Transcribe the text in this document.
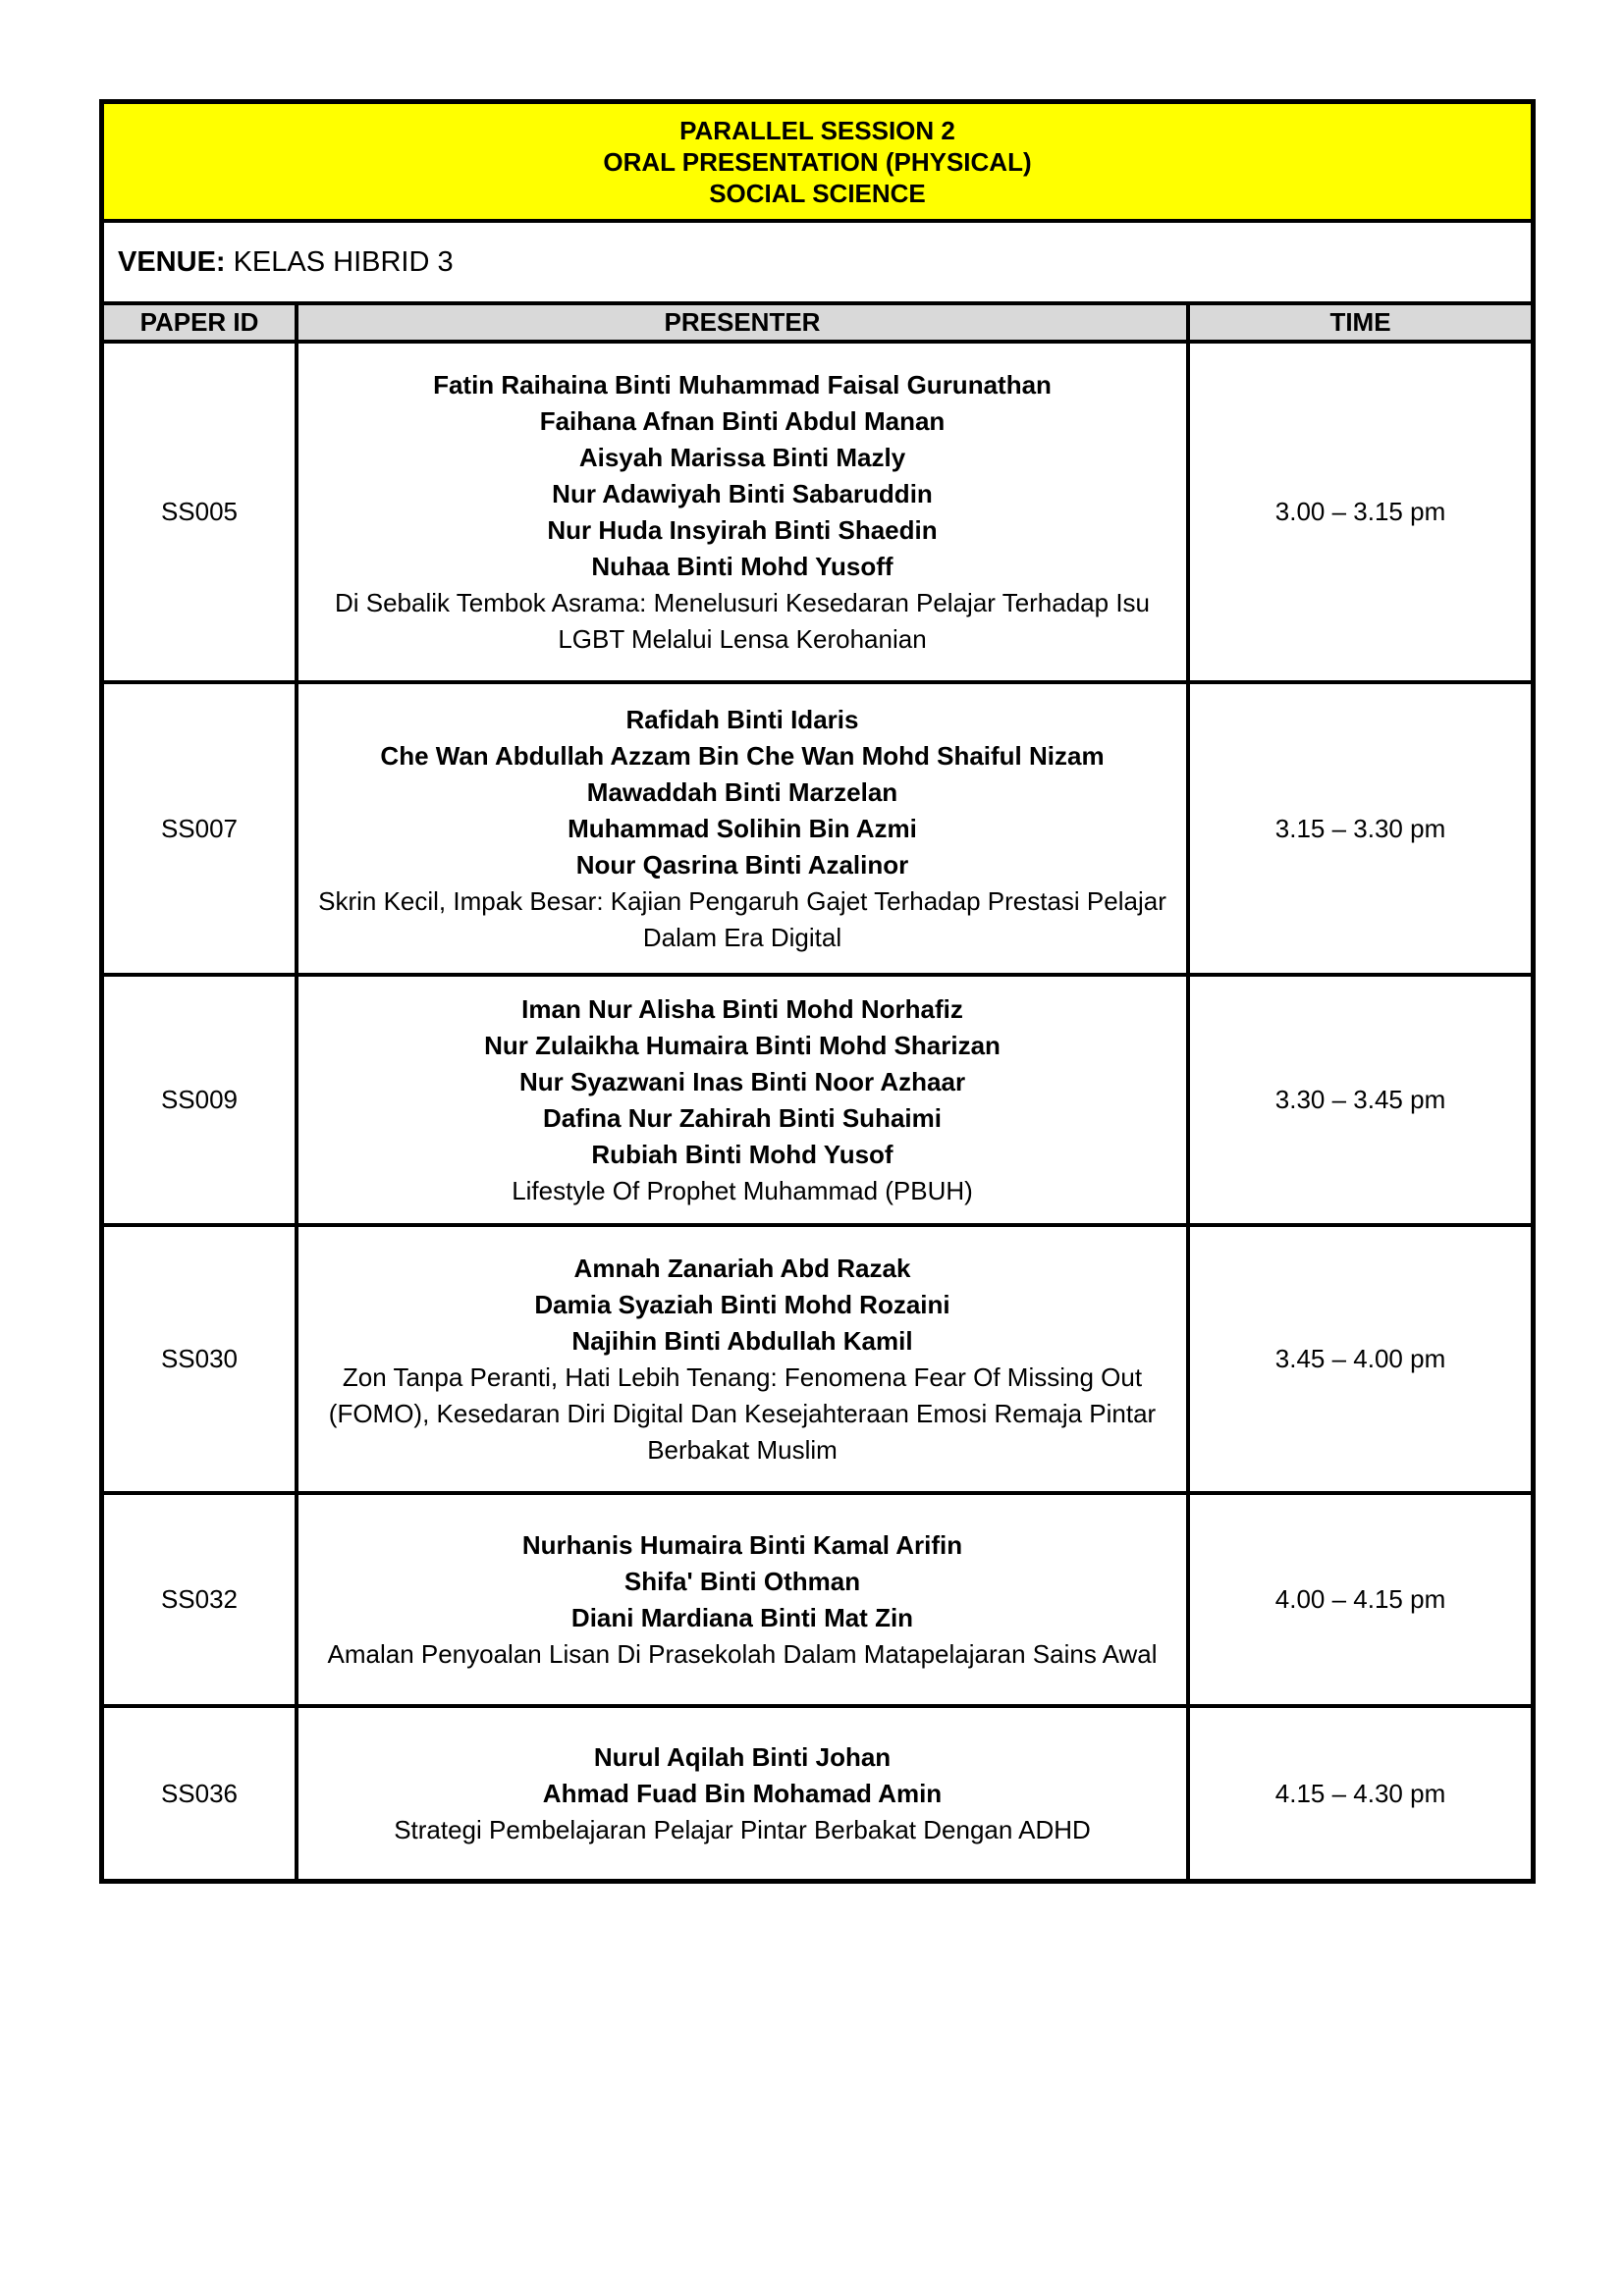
PARALLEL SESSION 2
ORAL PRESENTATION (PHYSICAL)
SOCIAL SCIENCE
VENUE: KELAS HIBRID 3
PAPER ID	PRESENTER	TIME
SS005
Fatin Raihaina Binti Muhammad Faisal Gurunathan
Faihana Afnan Binti Abdul Manan
Aisyah Marissa Binti Mazly
Nur Adawiyah Binti Sabaruddin
Nur Huda Insyirah Binti Shaedin
Nuhaa Binti Mohd Yusoff
Di Sebalik Tembok Asrama: Menelusuri Kesedaran Pelajar Terhadap Isu LGBT Melalui Lensa Kerohanian
3.00 – 3.15 pm
SS007
Rafidah Binti Idaris
Che Wan Abdullah Azzam Bin Che Wan Mohd Shaiful Nizam
Mawaddah Binti Marzelan
Muhammad Solihin Bin Azmi
Nour Qasrina Binti Azalinor
Skrin Kecil, Impak Besar: Kajian Pengaruh Gajet Terhadap Prestasi Pelajar Dalam Era Digital
3.15 – 3.30 pm
SS009
Iman Nur Alisha Binti Mohd Norhafiz
Nur Zulaikha Humaira Binti Mohd Sharizan
Nur Syazwani Inas Binti Noor Azhaar
Dafina Nur Zahirah Binti Suhaimi
Rubiah Binti Mohd Yusof
Lifestyle Of Prophet Muhammad (PBUH)
3.30 – 3.45 pm
SS030
Amnah Zanariah Abd Razak
Damia Syaziah Binti Mohd Rozaini
Najihin Binti Abdullah Kamil
Zon Tanpa Peranti, Hati Lebih Tenang: Fenomena Fear Of Missing Out (FOMO), Kesedaran Diri Digital Dan Kesejahteraan Emosi Remaja Pintar Berbakat Muslim
3.45 – 4.00 pm
SS032
Nurhanis Humaira Binti Kamal Arifin
Shifa' Binti Othman
Diani Mardiana Binti Mat Zin
Amalan Penyoalan Lisan Di Prasekolah Dalam Matapelajaran Sains Awal
4.00 – 4.15 pm
SS036
Nurul Aqilah Binti Johan
Ahmad Fuad Bin Mohamad Amin
Strategi Pembelajaran Pelajar Pintar Berbakat Dengan ADHD
4.15 – 4.30 pm
